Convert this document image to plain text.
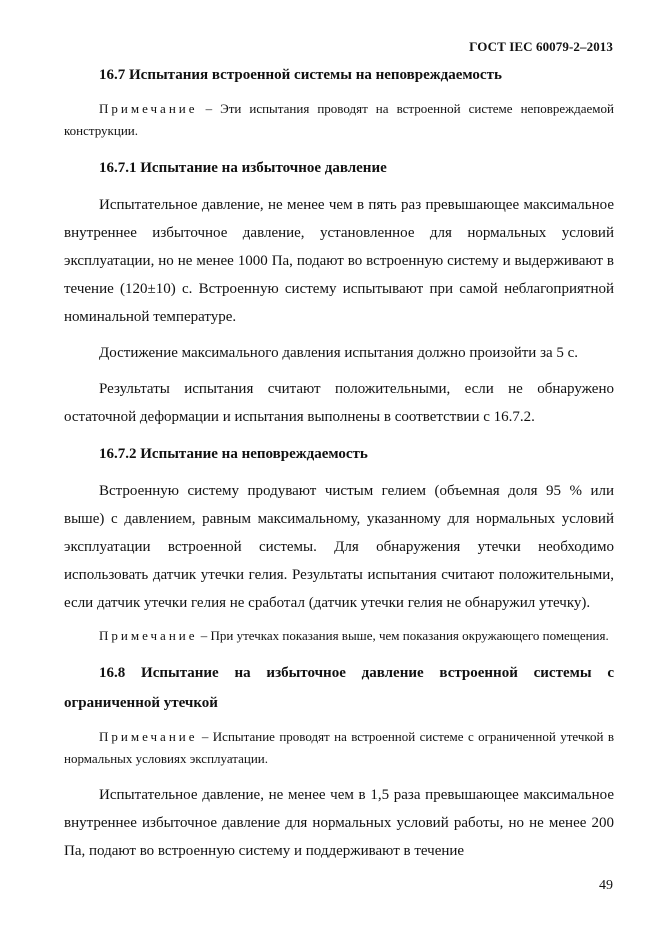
ГОСТ IEC 60079-2–2013
16.7 Испытания встроенной системы на неповреждаемость
Примечание – Эти испытания проводят на встроенной системе неповреждаемой конструкции.
16.7.1 Испытание на избыточное давление
Испытательное давление, не менее чем в пять раз превышающее максимальное внутреннее избыточное давление, установленное для нормальных условий эксплуатации, но не менее 1000 Па, подают во встроенную систему и выдерживают в течение (120±10) с. Встроенную систему испытывают при самой неблагоприятной номинальной температуре.
Достижение максимального давления испытания должно произойти за 5 с.
Результаты испытания считают положительными, если не обнаружено остаточной деформации и испытания выполнены в соответствии с 16.7.2.
16.7.2 Испытание на неповреждаемость
Встроенную систему продувают чистым гелием (объемная доля 95 % или выше) с давлением, равным максимальному, указанному для нормальных условий эксплуатации встроенной системы. Для обнаружения утечки необходимо использовать датчик утечки гелия. Результаты испытания считают положительными, если датчик утечки гелия не сработал (датчик утечки гелия не обнаружил утечку).
Примечание – При утечках показания выше, чем показания окружающего помещения.
16.8 Испытание на избыточное давление встроенной системы с ограниченной утечкой
Примечание – Испытание проводят на встроенной системе с ограниченной утечкой в нормальных условиях эксплуатации.
Испытательное давление, не менее чем в 1,5 раза превышающее максимальное внутреннее избыточное давление для нормальных условий работы, но не менее 200 Па, подают во встроенную систему и поддерживают в течение
49
